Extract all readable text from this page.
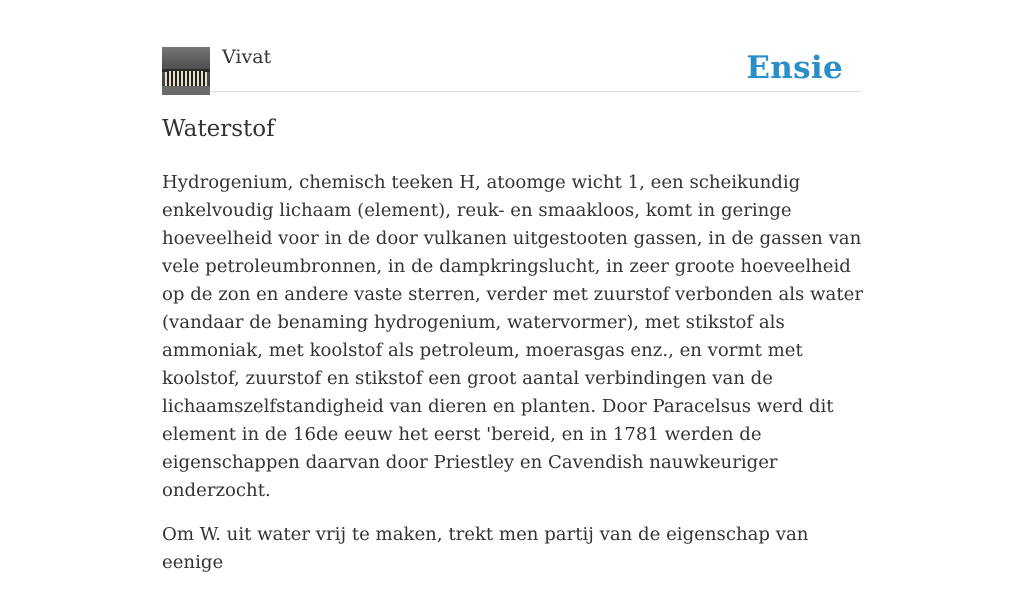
Vivat	Ensie
Waterstof

Hydrogenium, chemisch teeken H, atoomge wicht 1, een scheikundig enkelvoudig lichaam (element), reuk- en smaakloos, komt in geringe hoeveelheid voor in de door vulkanen uitgestooten gassen, in de gassen van vele petroleumbronnen, in de dampkringslucht, in zeer groote hoeveelheid op de zon en andere vaste sterren, verder met zuurstof verbonden als water (vandaar de benaming hydrogenium, watervormer), met stikstof als ammoniak, met koolstof als petroleum, moerasgas enz., en vormt met koolstof, zuurstof en stikstof een groot aantal verbindingen van de lichaamszelfstandigheid van dieren en planten. Door Paracelsus werd dit element in de 16de eeuw het eerst 'bereid, en in 1781 werden de eigenschappen daarvan door Priestley en Cavendish nauwkeuriger onderzocht.

Om W. uit water vrij te maken, trekt men partij van de eigenschap van eenige
